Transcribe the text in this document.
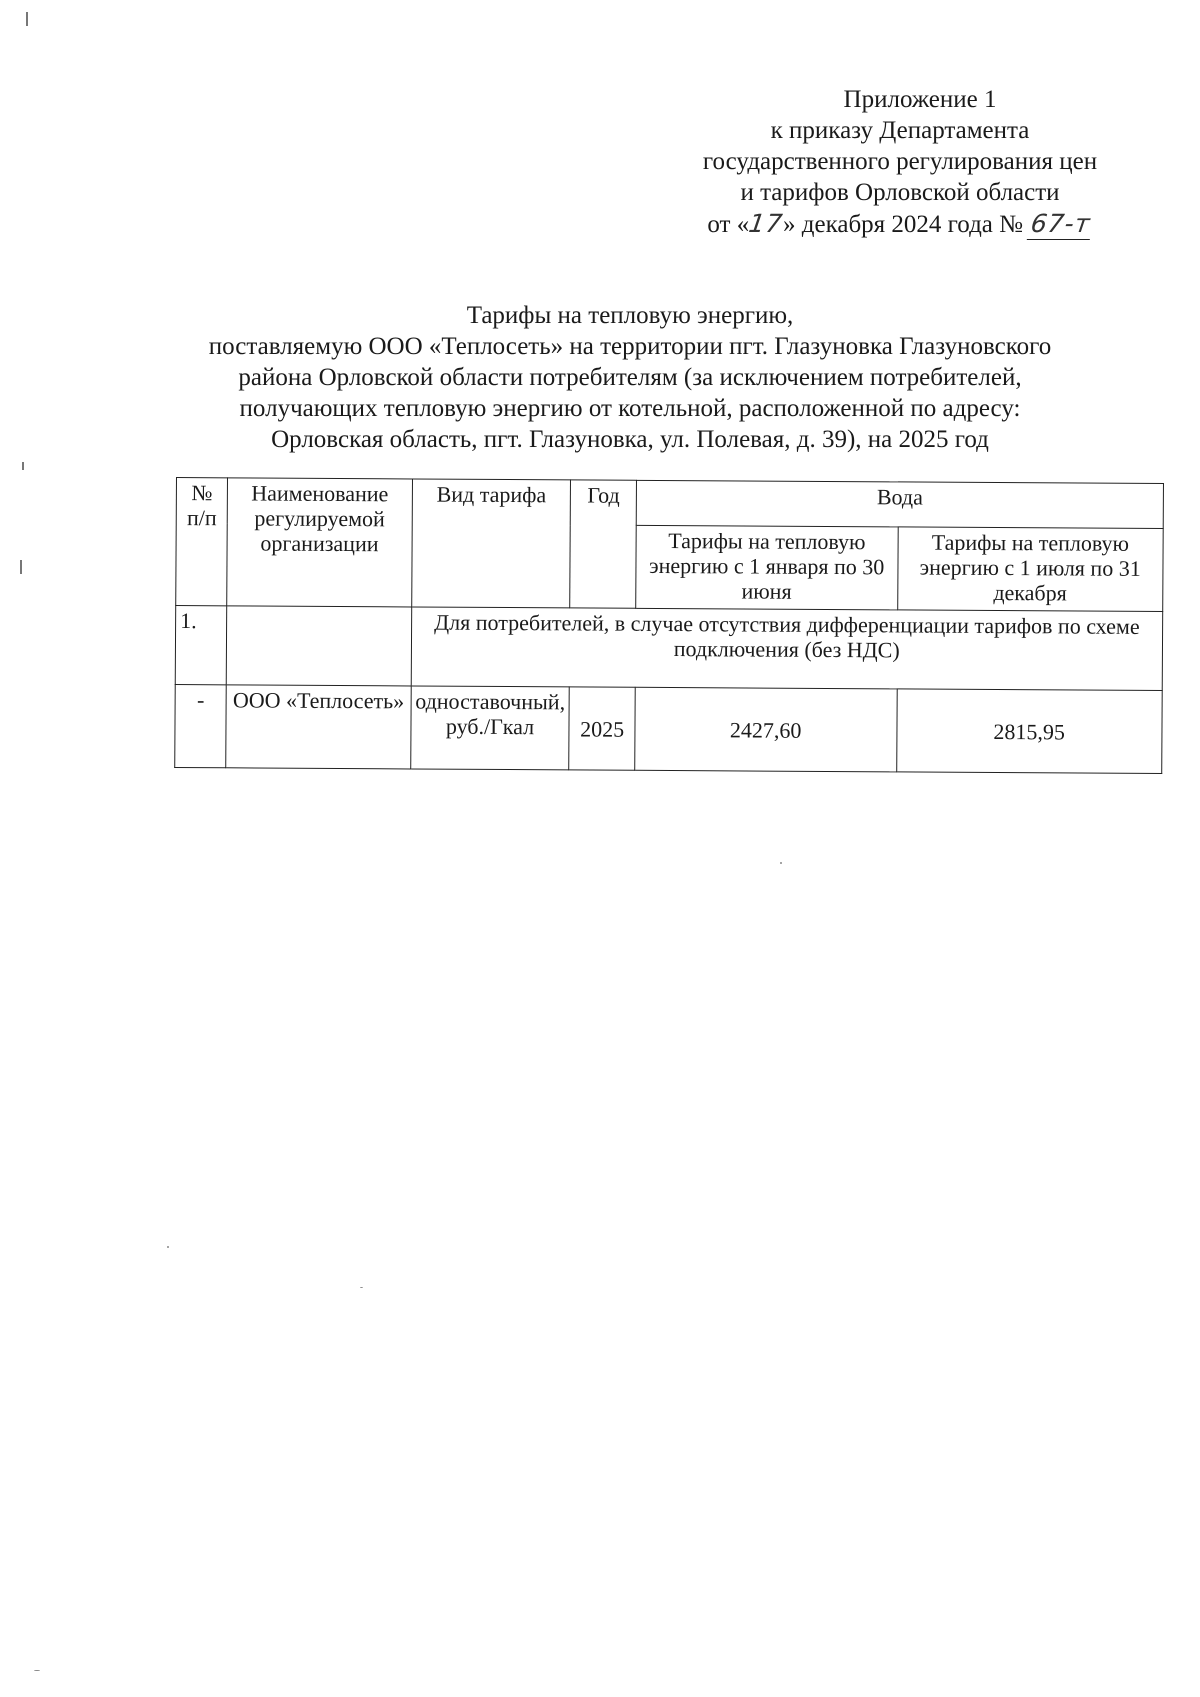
Приложение 1
к приказу Департамента
государственного регулирования цен
и тарифов Орловской области
от «17» декабря 2024 года № 67-т
Тарифы на тепловую энергию,
поставляемую ООО «Теплосеть» на территории пгт. Глазуновка Глазуновского
района Орловской области потребителям (за исключением потребителей,
получающих тепловую энергию от котельной, расположенной по адресу:
Орловская область, пгт. Глазуновка, ул. Полевая, д. 39), на 2025 год
№ п/п	Наименование регулируемой организации	Вид тарифа	Год	Вода	
				Тарифы на тепловую энергию с 1 января по 30 июня	Тарифы на тепловую энергию с 1 июля по 31 декабря
1.		Для потребителей, в случае отсутствия дифференциации тарифов по схеме подключения (без НДС)			
-	ООО «Теплосеть»	одноставочный, руб./Гкал	2025	2427,60	2815,95
